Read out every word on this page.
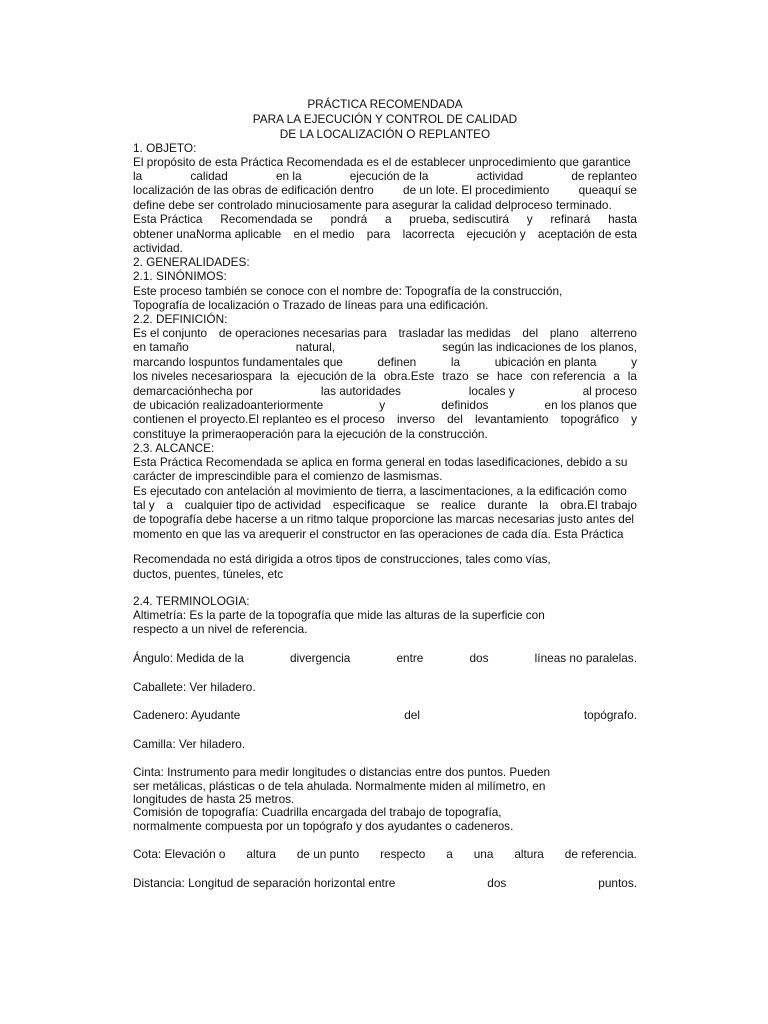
PRÁCTICA RECOMENDADA
PARA LA EJECUCIÓN Y CONTROL DE CALIDAD
DE LA LOCALIZACIÓN O REPLANTEO
1. OBJETO:
El propósito de esta Práctica Recomendada es el de establecer unprocedimiento que garantice
la	calidad	en la	ejecución de la	actividad	de replanteo
localización de las obras de edificación dentro de un lote. El procedimiento queaquí se
define debe ser controlado minuciosamente para asegurar la calidad delproceso terminado.
Esta Práctica Recomendada se pondrá a prueba, sediscutirá y refinará hasta
obtener unaNorma aplicable en el medio para lacorrecta ejecución y aceptación de esta
actividad.
2. GENERALIDADES:
2.1. SINÓNIMOS:
Este proceso también se conoce con el nombre de: Topografía de la construcción,
Topografía de localización o Trazado de líneas para una edificación.
2.2. DEFINICIÓN:
Es el conjunto de operaciones necesarias para trasladar las medidas del plano alterreno
en tamaño	natural,	según las indicaciones de los planos,
marcando lospuntos fundamentales que	definen	la	ubicación en planta	y
los niveles necesariospara la ejecución de la obra.Este trazo se hace con referencia a la
demarcaciónhecha por	las autoridades	locales y	al proceso
de ubicación realizadoanteriormente	y	definidos	en los planos que
contienen el proyecto.El replanteo es el proceso inverso del levantamiento topográfico y
constituye la primeraoperación para la ejecución de la construcción.
2.3. ALCANCE:
Esta Práctica Recomendada se aplica en forma general en todas lasedificaciones, debido a su
carácter de imprescindible para el comienzo de lasmismas.
Es ejecutado con antelación al movimiento de tierra, a lascimentaciones, a la edificación como
tal y a cualquier tipo de actividad especificaque se realice durante la obra.El trabajo
de topografía debe hacerse a un ritmo talque proporcione las marcas necesarias justo antes del
momento en que las va arequerir el constructor en las operaciones de cada día. Esta Práctica
Recomendada no está dirigida a otros tipos de construcciones, tales como vías,
ductos, puentes, túneles, etc
2.4. TERMINOLOGIA:
Altimetría: Es la parte de la topografía que mide las alturas de la superficie con
respecto a un nivel de referencia.
Ángulo: Medida de la	divergencia	entre	dos	líneas no paralelas.
Caballete: Ver hiladero.
Cadenero: Ayudante	del	topógrafo.
Camilla: Ver hiladero.
Cinta: Instrumento para medir longitudes o distancias entre dos puntos. Pueden
ser metálicas, plásticas o de tela ahulada. Normalmente miden al milímetro, en
longitudes de hasta 25 metros.
Comisión de topografía: Cuadrilla encargada del trabajo de topografía,
normalmente compuesta por un topógrafo y dos ayudantes o cadeneros.
Cota: Elevación o altura de un punto respecto a una altura de referencia.
Distancia: Longitud de separación horizontal entre	dos	puntos.
